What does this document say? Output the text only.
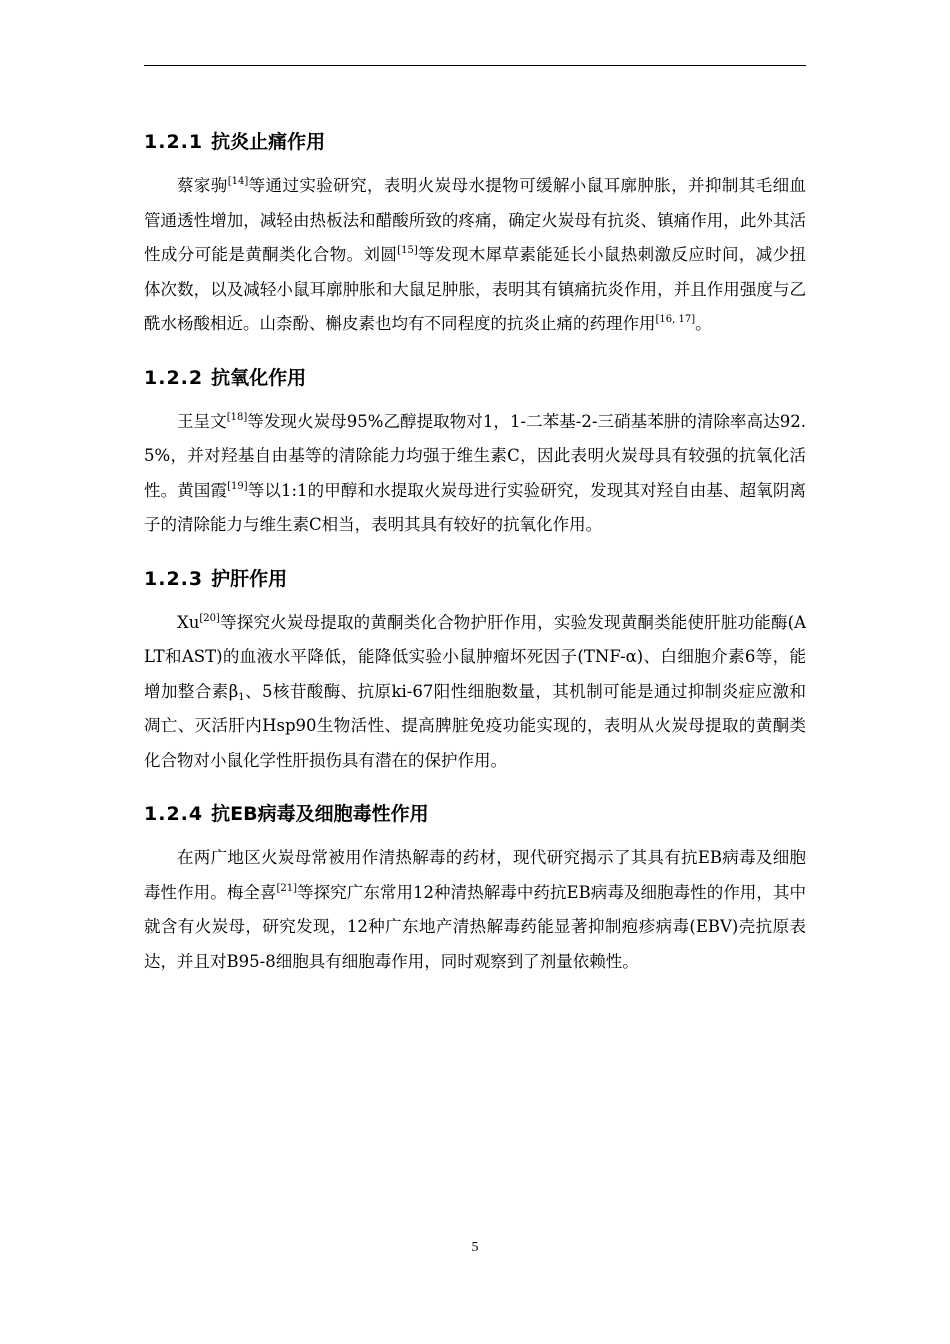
1.2.1 抗炎止痛作用

蔡家驹[14]等通过实验研究，表明火炭母水提物可缓解小鼠耳廓肿胀，并抑制其毛细血管通透性增加，减轻由热板法和醋酸所致的疼痛，确定火炭母有抗炎、镇痛作用，此外其活性成分可能是黄酮类化合物。刘圆[15]等发现木犀草素能延长小鼠热刺激反应时间，减少扭体次数，以及减轻小鼠耳廓肿胀和大鼠足肿胀，表明其有镇痛抗炎作用，并且作用强度与乙酰水杨酸相近。山柰酚、槲皮素也均有不同程度的抗炎止痛的药理作用[16, 17]。

1.2.2 抗氧化作用

王呈文[18]等发现火炭母95%乙醇提取物对1，1-二苯基-2-三硝基苯肼的清除率高达92.5%，并对羟基自由基等的清除能力均强于维生素C，因此表明火炭母具有较强的抗氧化活性。黄国霞[19]等以1:1的甲醇和水提取火炭母进行实验研究，发现其对羟自由基、超氧阴离子的清除能力与维生素C相当，表明其具有较好的抗氧化作用。

1.2.3 护肝作用

Xu[20]等探究火炭母提取的黄酮类化合物护肝作用，实验发现黄酮类能使肝脏功能酶(ALT和AST)的血液水平降低，能降低实验小鼠肿瘤坏死因子(TNF-α)、白细胞介素6等，能增加整合素$\beta_1$、5核苷酸酶、抗原ki-67阳性细胞数量，其机制可能是通过抑制炎症应激和凋亡、灭活肝内Hsp90生物活性、提高脾脏免疫功能实现的，表明从火炭母提取的黄酮类化合物对小鼠化学性肝损伤具有潜在的保护作用。

1.2.4 抗EB病毒及细胞毒性作用

在两广地区火炭母常被用作清热解毒的药材，现代研究揭示了其具有抗EB病毒及细胞毒性作用。梅全喜[21]等探究广东常用12种清热解毒中药抗EB病毒及细胞毒性的作用，其中就含有火炭母，研究发现，12种广东地产清热解毒药能显著抑制疱疹病毒(EBV)壳抗原表达，并且对B95-8细胞具有细胞毒作用，同时观察到了剂量依赖性。

5
